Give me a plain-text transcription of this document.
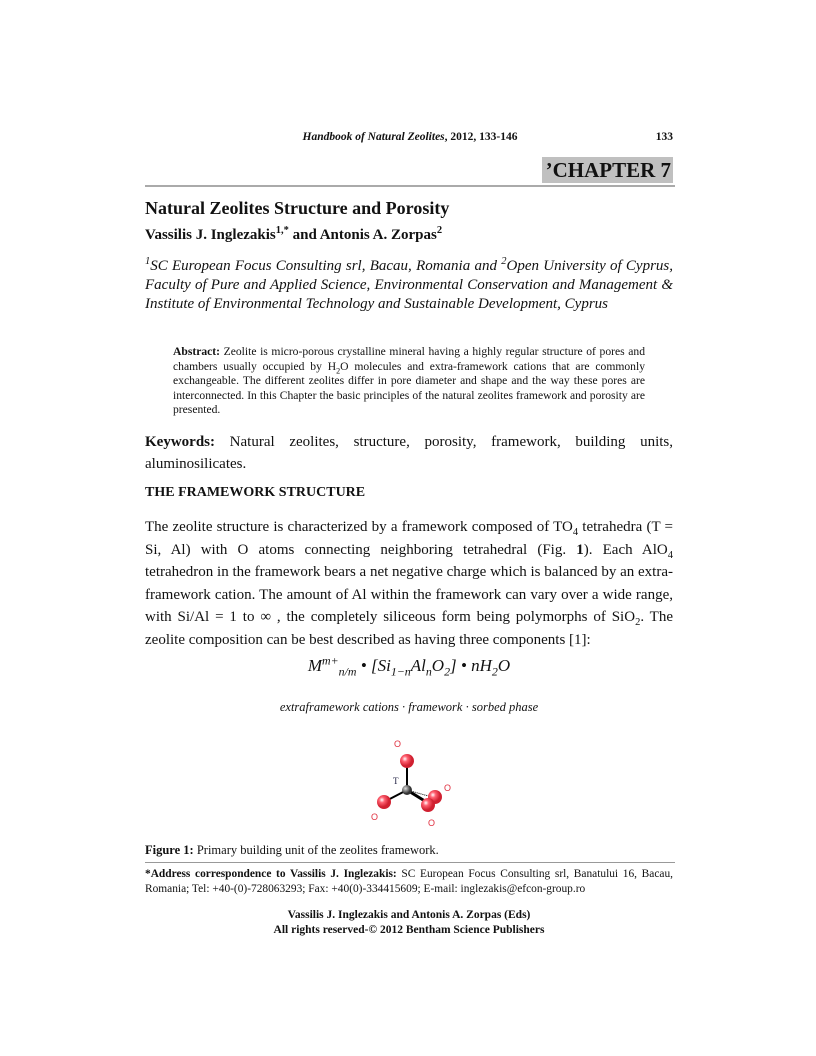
Handbook of Natural Zeolites, 2012, 133-146	133
’CHAPTER 7
Natural Zeolites Structure and Porosity
Vassilis J. Inglezakis$^{1,*}$ and Antonis A. Zorpas$^2$
$^1$SC European Focus Consulting srl, Bacau, Romania and $^2$Open University of Cyprus, Faculty of Pure and Applied Science, Environmental Conservation and Management & Institute of Environmental Technology and Sustainable Development, Cyprus
Abstract: Zeolite is micro-porous crystalline mineral having a highly regular structure of pores and chambers usually occupied by $H_2O$ molecules and extra-framework cations that are commonly exchangeable. The different zeolites differ in pore diameter and shape and the way these pores are interconnected. In this Chapter the basic principles of the natural zeolites framework and porosity are presented.
Keywords: Natural zeolites, structure, porosity, framework, building units, aluminosilicates.
THE FRAMEWORK STRUCTURE
The zeolite structure is characterized by a framework composed of $TO_4$ tetrahedra (T = Si, Al) with O atoms connecting neighboring tetrahedral (Fig. 1). Each AlO$_4$ tetrahedron in the framework bears a net negative charge which is balanced by an extra-framework cation. The amount of Al within the framework can vary over a wide range, with Si/Al = 1 to ∞ , the completely siliceous form being polymorphs of SiO$_2$. The zeolite composition can be best described as having three components [1]:
$M^{m+}_{n/m}$ • $[Si_{1-n}Al_nO_2]$ • $nH_2O$
extraframework cations · framework · sorbed phase
O
T
O
O
O
Figure 1: Primary building unit of the zeolites framework.
*Address correspondence to Vassilis J. Inglezakis: SC European Focus Consulting srl, Banatului 16, Bacau, Romania; Tel: +40-(0)-728063293; Fax: +40(0)-334415609; E-mail: inglezakis@efcon-group.ro
Vassilis J. Inglezakis and Antonis A. Zorpas (Eds)
All rights reserved-© 2012 Bentham Science Publishers
